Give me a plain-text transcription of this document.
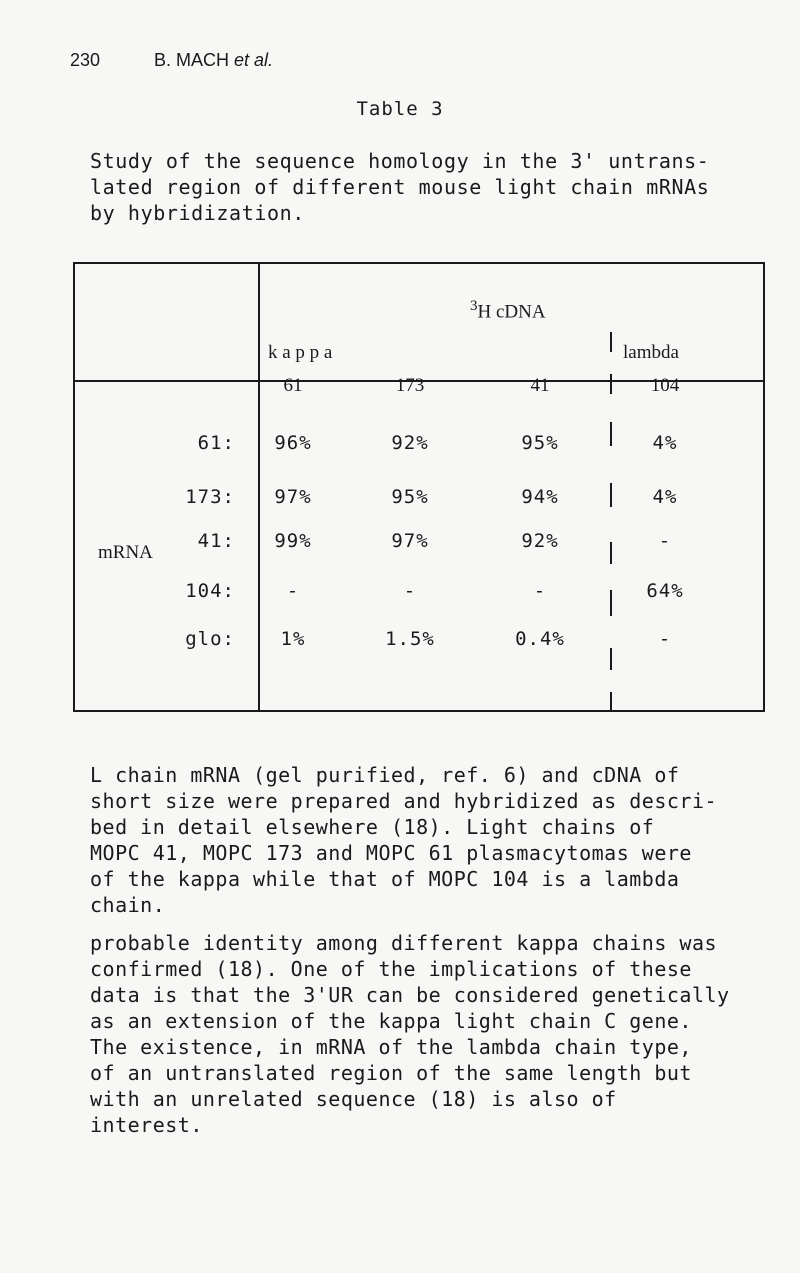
230	B. MACH et al.
Table 3

Study of the sequence homology in the 3' untrans-
lated region of different mouse light chain mRNAs
by hybridization.

$^3$H cDNA
k a p p a	lambda
61	173	41	104
mRNA
61: 96%	92%	95%	4%
173: 97%	95%	94%	4%
41: 99%	97%	92%	-
104:	-	-	-	64%
glo: 1%	1.5%	0.4%	-

L chain mRNA (gel purified, ref. 6) and cDNA of
short size were prepared and hybridized as descri-
bed in detail elsewhere (18). Light chains of
MOPC 41, MOPC 173 and MOPC 61 plasmacytomas were
of the kappa while that of MOPC 104 is a lambda
chain.

probable identity among different kappa chains was
confirmed (18). One of the implications of these
data is that the 3'UR can be considered genetically
as an extension of the kappa light chain C gene.
The existence, in mRNA of the lambda chain type,
of an untranslated region of the same length but
with an unrelated sequence (18) is also of
interest.
